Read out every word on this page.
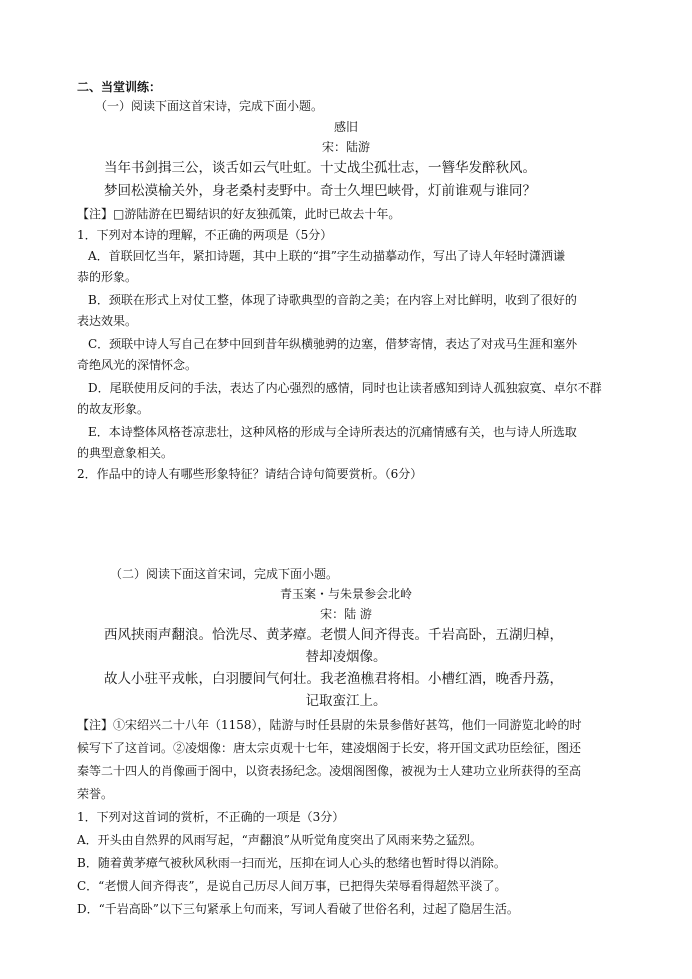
二、当堂训练：
（一）阅读下面这首宋诗，完成下面小题。
感旧
宋：陆游
当年书剑揖三公，谈舌如云气吐虹。十丈战尘孤壮志，一簪华发醉秋风。
梦回松漠榆关外，身老桑村麦野中。奇士久埋巴峡骨，灯前谁观与谁同？
【注】□游陆游在巴蜀结识的好友独孤策，此时已故去十年。
1．下列对本诗的理解，不正确的两项是（5分）
A．首联回忆当年，紧扣诗题，其中上联的“揖”字生动描摹动作，写出了诗人年轻时潇洒谦
恭的形象。
B．颈联在形式上对仗工整，体现了诗歌典型的音韵之美；在内容上对比鲜明，收到了很好的
表达效果。
C．颈联中诗人写自己在梦中回到昔年纵横驰骋的边塞，借梦寄情，表达了对戎马生涯和塞外
奇绝风光的深情怀念。
D．尾联使用反问的手法，表达了内心强烈的感情，同时也让读者感知到诗人孤独寂寞、卓尔不群
的故友形象。
E．本诗整体风格苍凉悲壮，这种风格的形成与全诗所表达的沉痛情感有关，也与诗人所选取
的典型意象相关。
2．作品中的诗人有哪些形象特征？请结合诗句简要赏析。（6分）
（二）阅读下面这首宋词，完成下面小题。
青玉案・与朱景参会北岭
宋：陆 游
西风挟雨声翻浪。恰洗尽、黄茅瘴。老惯人间齐得丧。千岩高卧，五湖归棹，
替却凌烟像。
故人小驻平戎帐，白羽腰间气何壮。我老渔樵君将相。小槽红酒，晚香丹荔，
记取蛮江上。
【注】①宋绍兴二十八年（1158），陆游与时任县尉的朱景参偕好甚笃，他们一同游览北岭的时
候写下了这首词。②凌烟像：唐太宗贞观十七年，建凌烟阁于长安，将开国文武功臣绘征，图还
秦等二十四人的肖像画于阁中，以资表扬纪念。凌烟阁图像，被视为士人建功立业所获得的至高
荣誉。
1．下列对这首词的赏析，不正确的一项是（3分）
A．开头由自然界的风雨写起，“声翻浪”从听觉角度突出了风雨来势之猛烈。
B．随着黄茅瘴气被秋风秋雨一扫而光，压抑在词人心头的愁绪也暂时得以消除。
C．“老惯人间齐得丧”，是说自己历尽人间万事，已把得失荣辱看得超然平淡了。
D．“千岩高卧”以下三句紧承上句而来，写词人看破了世俗名利，过起了隐居生活。
